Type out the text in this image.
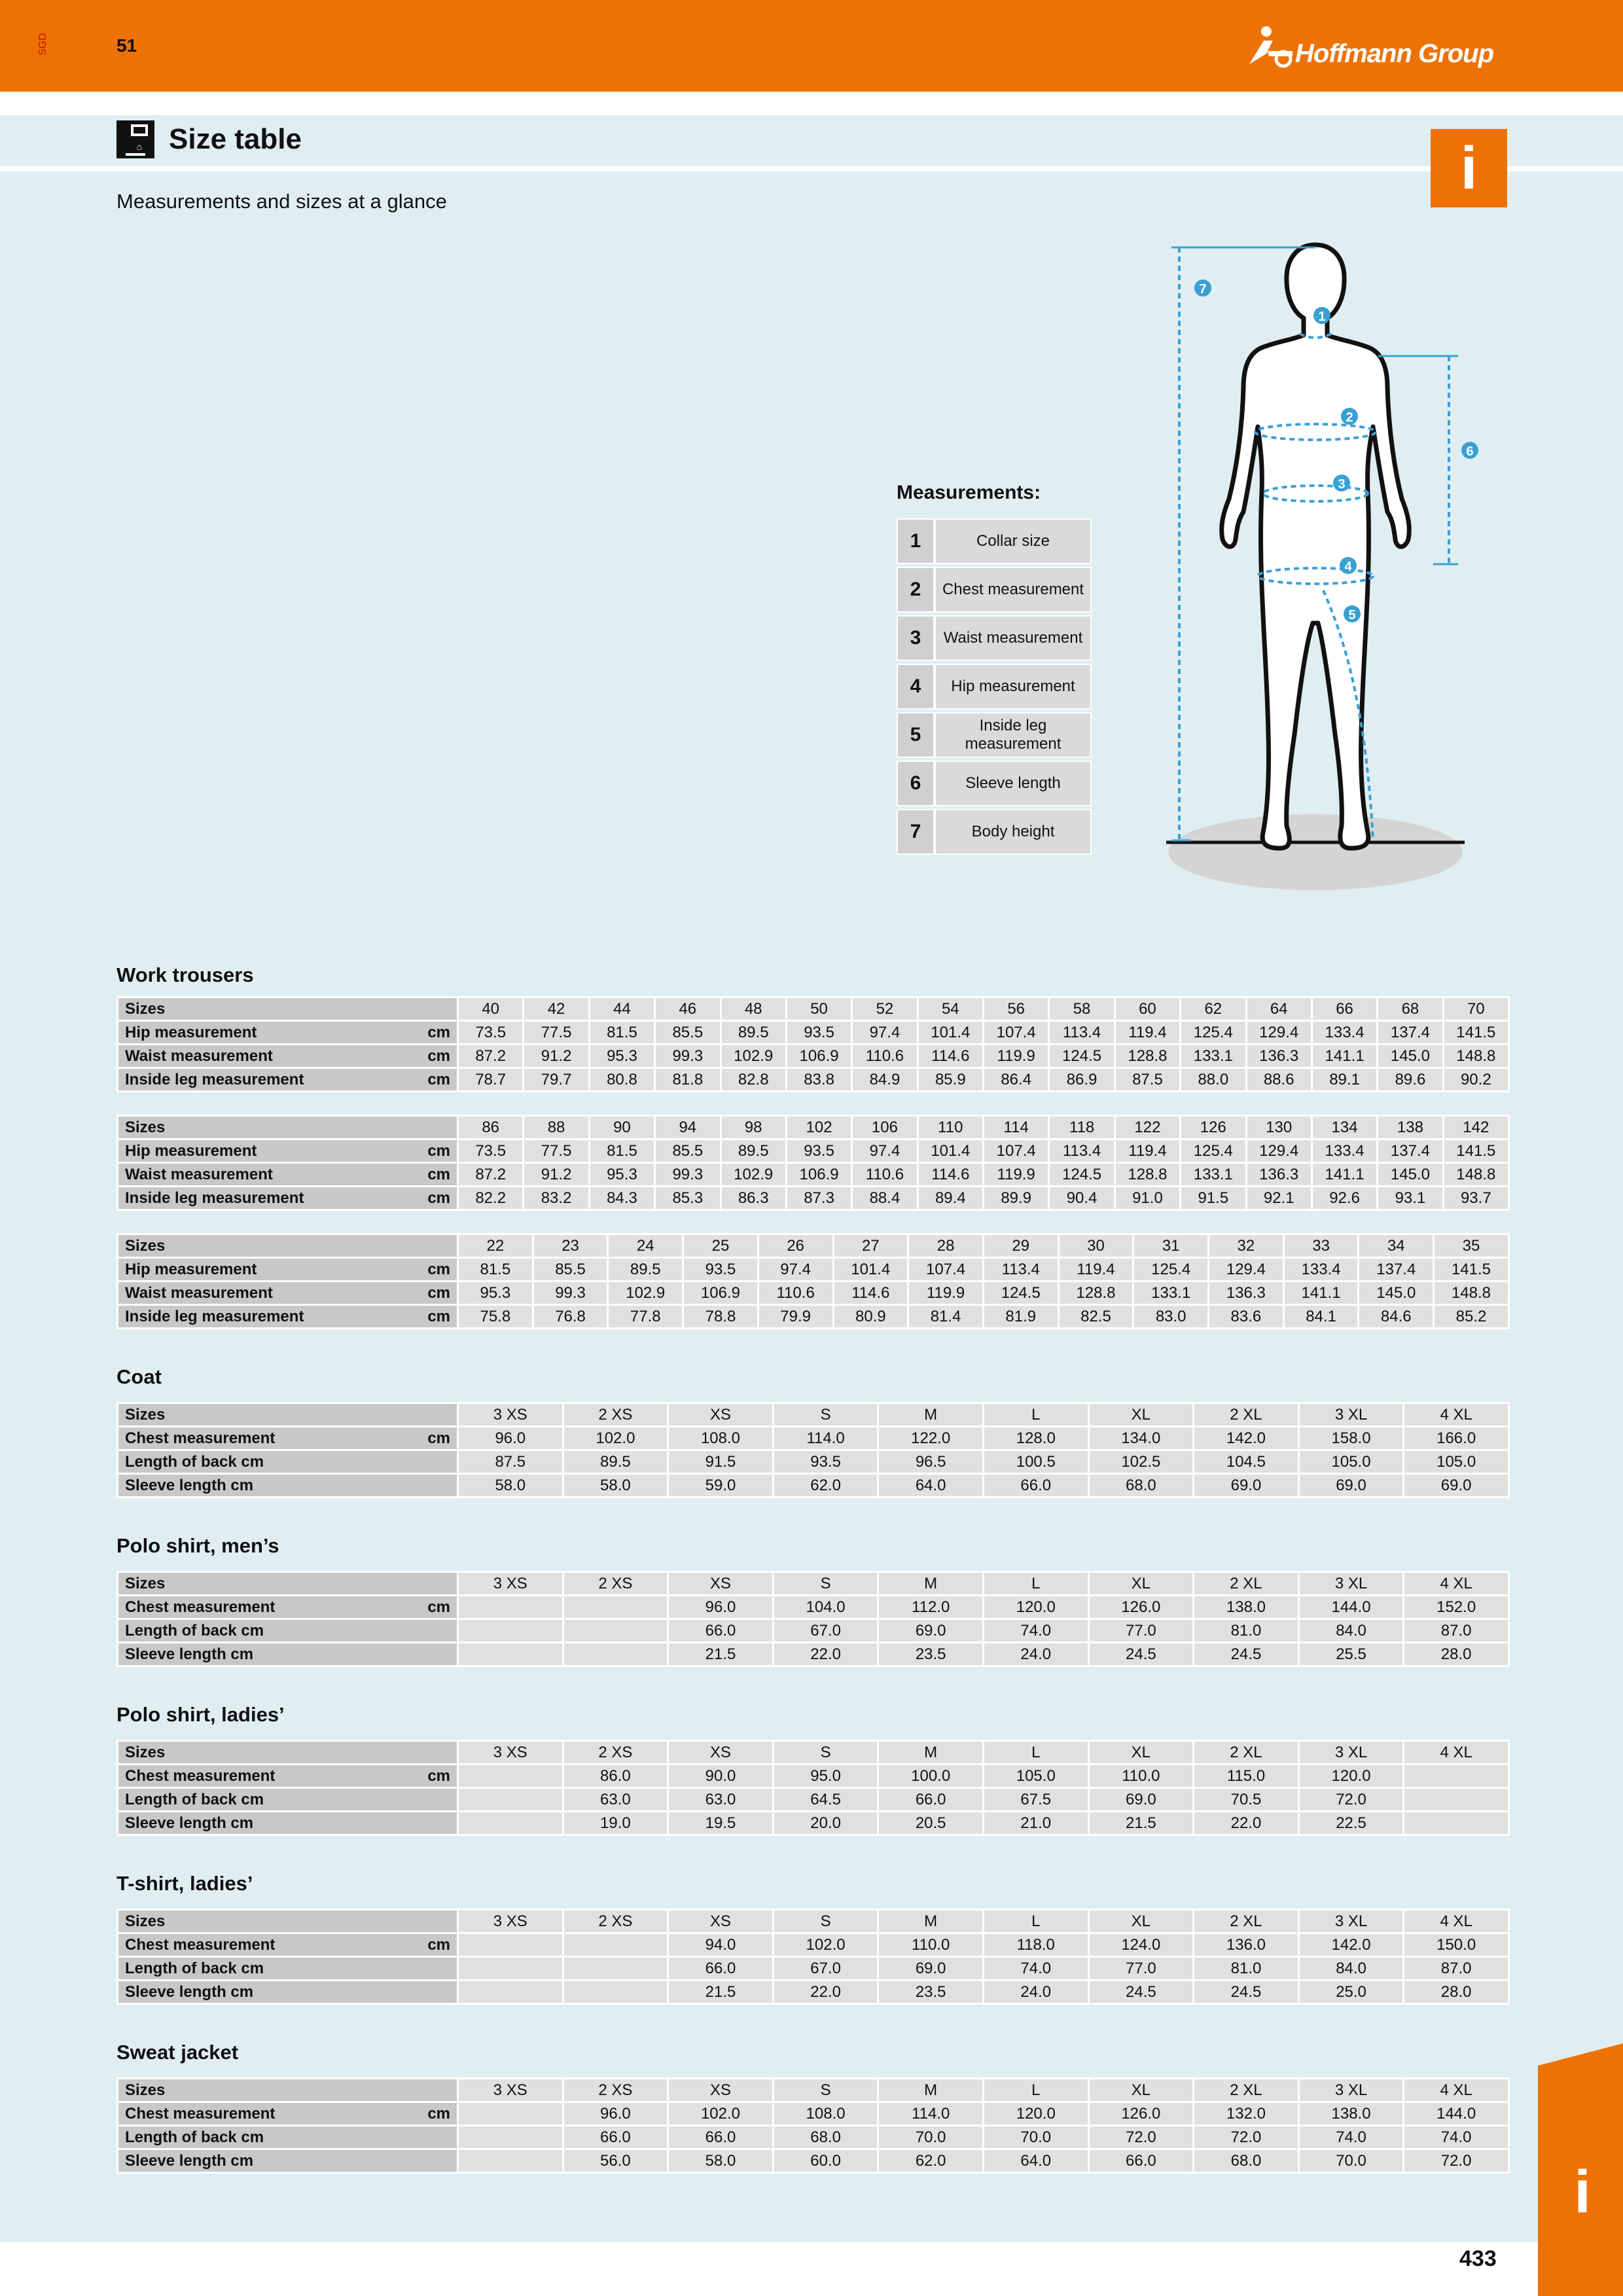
SGD	51	Hoffmann Group
⌂ Size table	i
Measurements and sizes at a glance
Measurements:
1	Collar size
2	Chest measurement
3	Waist measurement
4	Hip measurement
5	Inside leg measurement
6	Sleeve length
7	Body height
1
2
3
4
5
6
7
Work trousers
Sizes	40	42	44	46	48	50	52	54	56	58	60	62	64	66	68	70
Hip measurement cm	73.5	77.5	81.5	85.5	89.5	93.5	97.4	101.4	107.4	113.4	119.4	125.4	129.4	133.4	137.4	141.5
Waist measurement cm	87.2	91.2	95.3	99.3	102.9	106.9	110.6	114.6	119.9	124.5	128.8	133.1	136.3	141.1	145.0	148.8
Inside leg measurement cm	78.7	79.7	80.8	81.8	82.8	83.8	84.9	85.9	86.4	86.9	87.5	88.0	88.6	89.1	89.6	90.2
Sizes	86	88	90	94	98	102	106	110	114	118	122	126	130	134	138	142
Hip measurement cm	73.5	77.5	81.5	85.5	89.5	93.5	97.4	101.4	107.4	113.4	119.4	125.4	129.4	133.4	137.4	141.5
Waist measurement cm	87.2	91.2	95.3	99.3	102.9	106.9	110.6	114.6	119.9	124.5	128.8	133.1	136.3	141.1	145.0	148.8
Inside leg measurement cm	82.2	83.2	84.3	85.3	86.3	87.3	88.4	89.4	89.9	90.4	91.0	91.5	92.1	92.6	93.1	93.7
Sizes	22	23	24	25	26	27	28	29	30	31	32	33	34	35
Hip measurement cm	81.5	85.5	89.5	93.5	97.4	101.4	107.4	113.4	119.4	125.4	129.4	133.4	137.4	141.5
Waist measurement cm	95.3	99.3	102.9	106.9	110.6	114.6	119.9	124.5	128.8	133.1	136.3	141.1	145.0	148.8
Inside leg measurement cm	75.8	76.8	77.8	78.8	79.9	80.9	81.4	81.9	82.5	83.0	83.6	84.1	84.6	85.2
Coat
Sizes	3 XS	2 XS	XS	S	M	L	XL	2 XL	3 XL	4 XL
Chest measurement cm	96.0	102.0	108.0	114.0	122.0	128.0	134.0	142.0	158.0	166.0
Length of back cm	87.5	89.5	91.5	93.5	96.5	100.5	102.5	104.5	105.0	105.0
Sleeve length cm	58.0	58.0	59.0	62.0	64.0	66.0	68.0	69.0	69.0	69.0
Polo shirt, men’s
Sizes	3 XS	2 XS	XS	S	M	L	XL	2 XL	3 XL	4 XL
Chest measurement cm			96.0	104.0	112.0	120.0	126.0	138.0	144.0	152.0
Length of back cm			66.0	67.0	69.0	74.0	77.0	81.0	84.0	87.0
Sleeve length cm			21.5	22.0	23.5	24.0	24.5	24.5	25.5	28.0
Polo shirt, ladies’
Sizes	3 XS	2 XS	XS	S	M	L	XL	2 XL	3 XL	4 XL
Chest measurement cm		86.0	90.0	95.0	100.0	105.0	110.0	115.0	120.0	
Length of back cm		63.0	63.0	64.5	66.0	67.5	69.0	70.5	72.0	
Sleeve length cm		19.0	19.5	20.0	20.5	21.0	21.5	22.0	22.5	
T-shirt, ladies’
Sizes	3 XS	2 XS	XS	S	M	L	XL	2 XL	3 XL	4 XL
Chest measurement cm			94.0	102.0	110.0	118.0	124.0	136.0	142.0	150.0
Length of back cm			66.0	67.0	69.0	74.0	77.0	81.0	84.0	87.0
Sleeve length cm			21.5	22.0	23.5	24.0	24.5	24.5	25.0	28.0
Sweat jacket
Sizes	3 XS	2 XS	XS	S	M	L	XL	2 XL	3 XL	4 XL
Chest measurement cm		96.0	102.0	108.0	114.0	120.0	126.0	132.0	138.0	144.0
Length of back cm		66.0	66.0	68.0	70.0	70.0	72.0	72.0	74.0	74.0
Sleeve length cm		56.0	58.0	60.0	62.0	64.0	66.0	68.0	70.0	72.0 i
433
